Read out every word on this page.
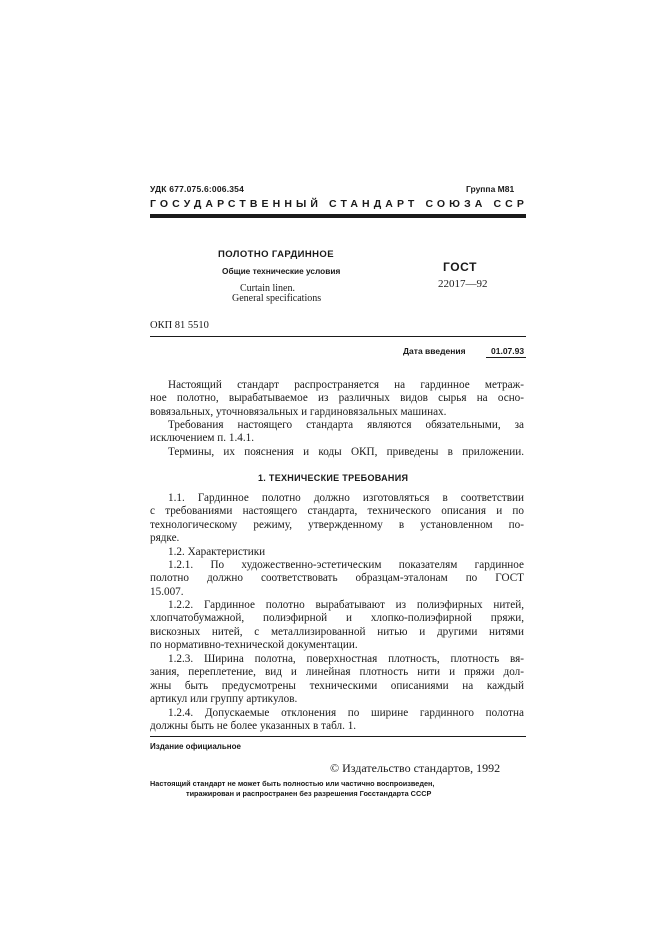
УДК 677.075.6:006.354	Группа М81
ГОСУДАРСТВЕННЫЙ СТАНДАРТ СОЮЗА ССР
ПОЛОТНО ГАРДИННОЕ
Общие технические условия
Curtain linen.
General specifications
ГОСТ
22017—92
ОКП 81 5510
Дата введения	01.07.93
Настоящий стандарт распространяется на гардинное метраж-
ное полотно, вырабатываемое из различных видов сырья на осно-
вовязальных, уточновязальных и гардиновязальных машинах.
Требования настоящего стандарта являются обязательными, за
исключением п. 1.4.1.
Термины, их пояснения и коды ОКП, приведены в приложении.
1. ТЕХНИЧЕСКИЕ ТРЕБОВАНИЯ
1.1. Гардинное полотно должно изготовляться в соответствии
с требованиями настоящего стандарта, технического описания и по
технологическому режиму, утвержденному в установленном по-
рядке.
1.2. Характеристики
1.2.1. По художественно-эстетическим показателям гардинное
полотно должно соответствовать образцам-эталонам по ГОСТ
15.007.
1.2.2. Гардинное полотно вырабатывают из полиэфирных нитей,
хлопчатобумажной, полиэфирной и хлопко-полиэфирной пряжи,
вискозных нитей, с металлизированной нитью и другими нитями
по нормативно-технической документации.
1.2.3. Ширина полотна, поверхностная плотность, плотность вя-
зания, переплетение, вид и линейная плотность нити и пряжи дол-
жны быть предусмотрены техническими описаниями на каждый
артикул или группу артикулов.
1.2.4. Допускаемые отклонения по ширине гардинного полотна
должны быть не более указанных в табл. 1.
Издание официальное
© Издательство стандартов, 1992
Настоящий стандарт не может быть полностью или частично воспроизведен,
тиражирован и распространен без разрешения Госстандарта СССР
